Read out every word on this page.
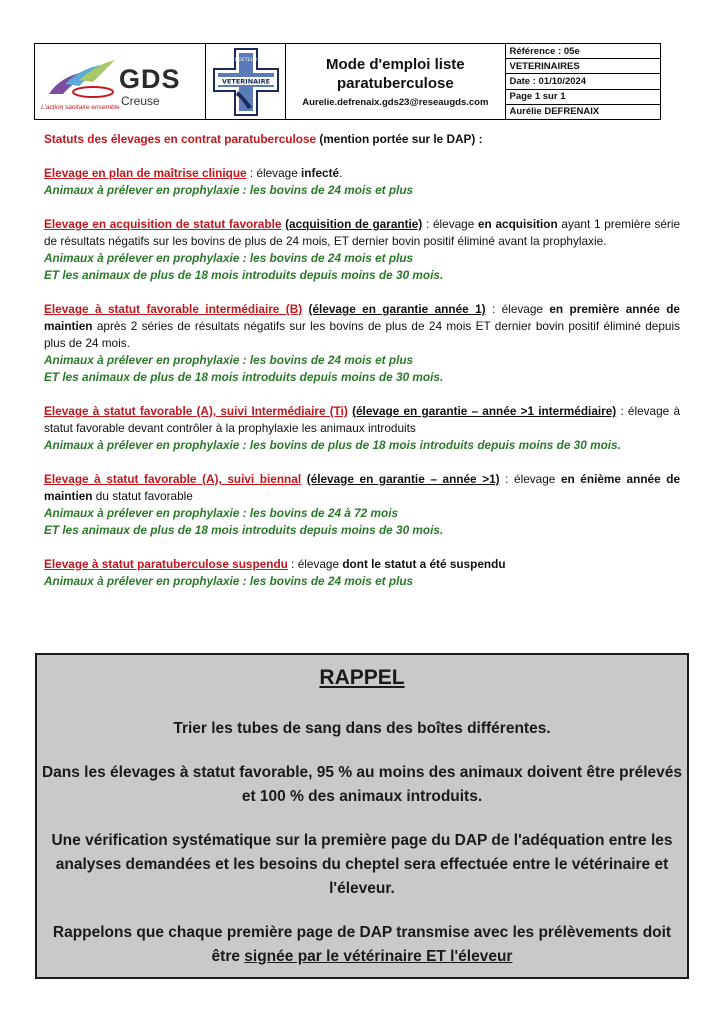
GDS
Creuse
L'action sanitaire ensemble
DOCTEUR
VETERINAIRE
Mode d'emploi liste
paratuberculose
Aurelie.defrenaix.gds23@reseaugds.com
Référence : 05e
VETERINAIRES
Date : 01/10/2024
Page 1 sur 1
Aurélie DEFRENAIX

Statuts des élevages en contrat paratuberculose (mention portée sur le DAP) :

Elevage en plan de maîtrise clinique : élevage infecté.

Animaux à prélever en prophylaxie : les bovins de 24 mois et plus

Elevage en acquisition de statut favorable (acquisition de garantie) : élevage en acquisition ayant 1 première série de résultats négatifs sur les bovins de plus de 24 mois, ET dernier bovin positif éliminé avant la prophylaxie.

Animaux à prélever en prophylaxie : les bovins de 24 mois et plus

ET les animaux de plus de 18 mois introduits depuis moins de 30 mois.

Elevage à statut favorable intermédiaire (B) (élevage en garantie année 1) : élevage en première année de maintien après 2 séries de résultats négatifs sur les bovins de plus de 24 mois ET dernier bovin positif éliminé depuis plus de 24 mois.

Animaux à prélever en prophylaxie : les bovins de 24 mois et plus

ET les animaux de plus de 18 mois introduits depuis moins de 30 mois.

Elevage à statut favorable (A), suivi Intermédiaire (Ti) (élevage en garantie – année >1 intermédiaire) : élevage à statut favorable devant contrôler à la prophylaxie les animaux introduits

Animaux à prélever en prophylaxie : les bovins de plus de 18 mois introduits depuis moins de 30 mois.

Elevage à statut favorable (A), suivi biennal (élevage en garantie – année >1) : élevage en énième année de maintien du statut favorable

Animaux à prélever en prophylaxie : les bovins de 24 à 72 mois

ET les animaux de plus de 18 mois introduits depuis moins de 30 mois.

Elevage à statut paratuberculose suspendu : élevage dont le statut a été suspendu

Animaux à prélever en prophylaxie : les bovins de 24 mois et plus

RAPPEL

Trier les tubes de sang dans des boîtes différentes.

Dans les élevages à statut favorable, 95 % au moins des animaux doivent être prélevés et 100 % des animaux introduits.

Une vérification systématique sur la première page du DAP de l'adéquation entre les analyses demandées et les besoins du cheptel sera effectuée entre le vétérinaire et l'éleveur.

Rappelons que chaque première page de DAP transmise avec les prélèvements doit être signée par le vétérinaire ET l'éleveur
